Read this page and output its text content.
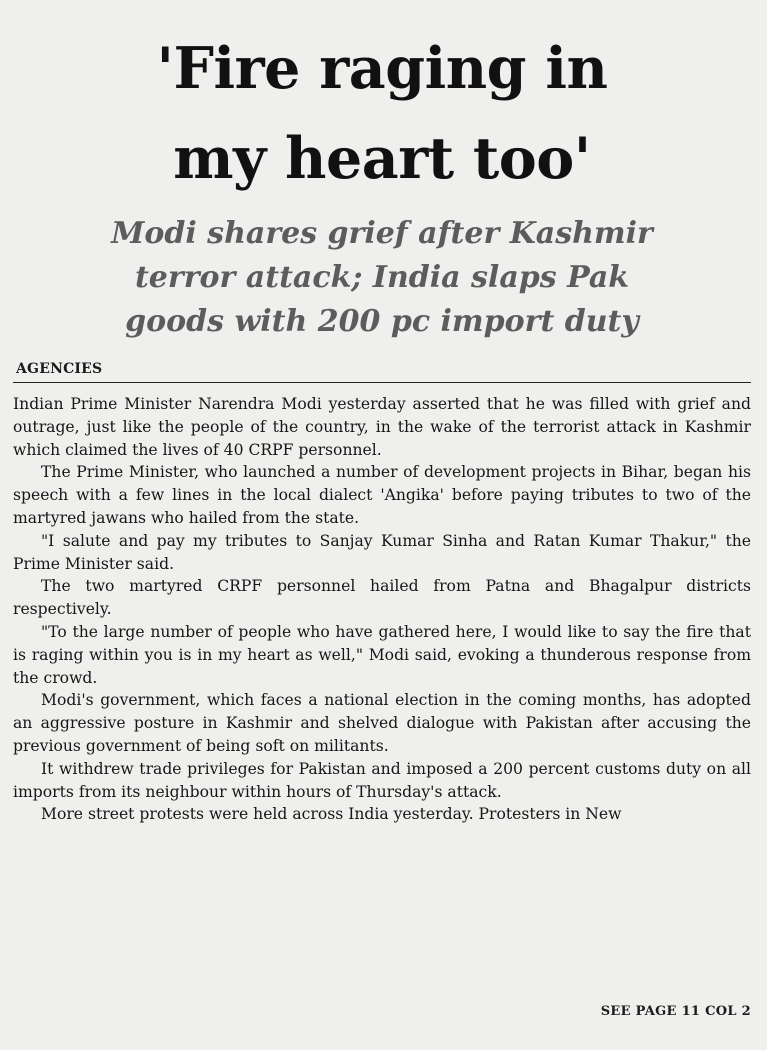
'Fire raging in
my heart too'
Modi shares grief after Kashmir
terror attack; India slaps Pak
goods with 200 pc import duty
AGENCIES

Indian Prime Minister Narendra Modi yesterday asserted that he was filled with grief and outrage, just like the people of the country, in the wake of the terrorist attack in Kashmir which claimed the lives of 40 CRPF personnel.

The Prime Minister, who launched a number of development projects in Bihar, began his speech with a few lines in the local dialect 'Angika' before paying tributes to two of the martyred jawans who hailed from the state.

"I salute and pay my tributes to Sanjay Kumar Sinha and Ratan Kumar Thakur," the Prime Minister said.

The two martyred CRPF personnel hailed from Patna and Bhagalpur districts respectively.

"To the large number of people who have gathered here, I would like to say the fire that is raging within you is in my heart as well," Modi said, evoking a thunderous response from the crowd.

Modi's government, which faces a national election in the coming months, has adopted an aggressive posture in Kashmir and shelved dialogue with Pakistan after accusing the previous government of being soft on militants.

It withdrew trade privileges for Pakistan and imposed a 200 percent customs duty on all imports from its neighbour within hours of Thursday's attack.

More street protests were held across India yesterday. Protesters in New

SEE PAGE 11 COL 2
